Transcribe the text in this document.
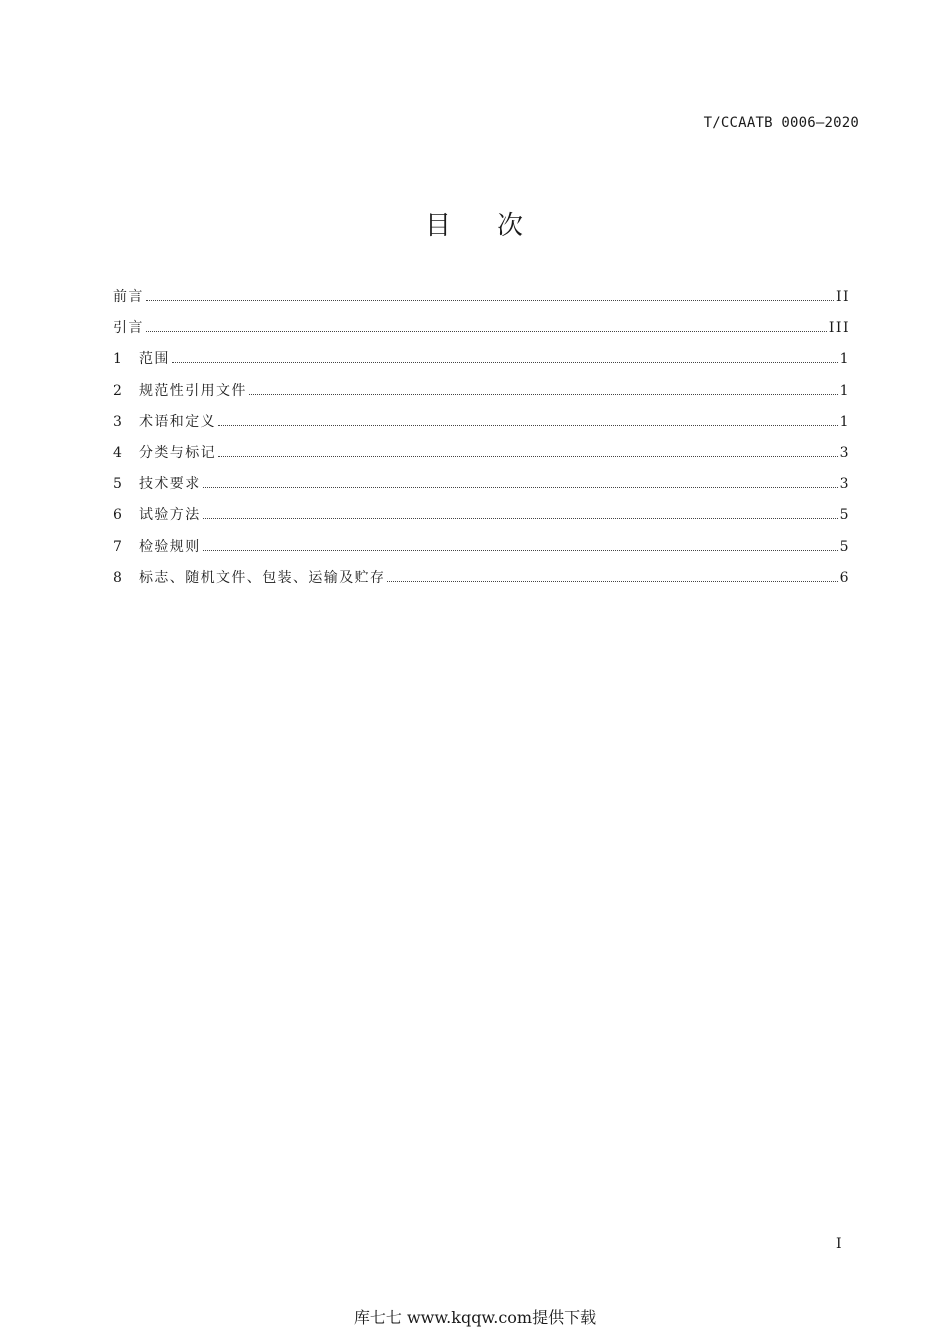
T/CCAATB 0006—2020
目 次
前言	II
引言	III
1	范围	1
2	规范性引用文件	1
3	术语和定义	1
4	分类与标记	3
5	技术要求	3
6	试验方法	5
7	检验规则	5
8	标志、随机文件、包装、运输及贮存	6
I
库七七 www.kqqw.com提供下载
